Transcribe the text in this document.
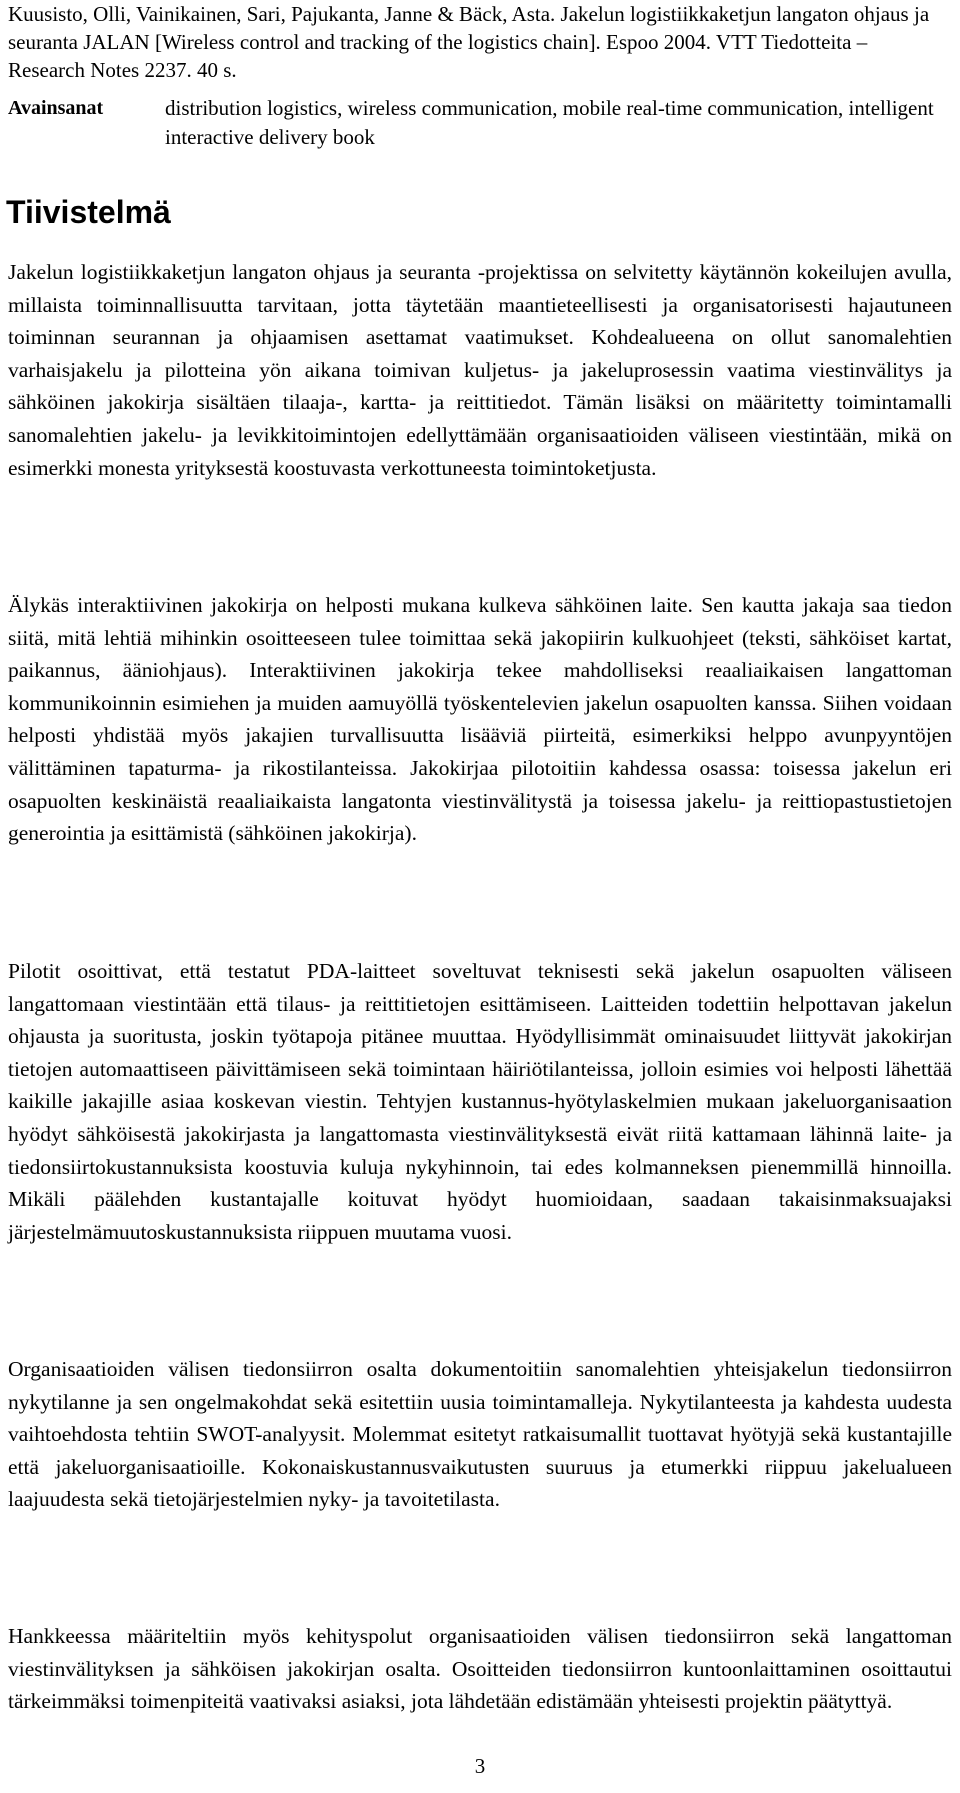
Kuusisto, Olli, Vainikainen, Sari, Pajukanta, Janne & Bäck, Asta. Jakelun logistiikkaketjun langaton ohjaus ja seuranta JALAN [Wireless control and tracking of the logistics chain]. Espoo 2004. VTT Tiedotteita – Research Notes 2237. 40 s.

Avainsanat	distribution logistics, wireless communication, mobile real-time communication, intelligent interactive delivery book

Tiivistelmä

Jakelun logistiikkaketjun langaton ohjaus ja seuranta -projektissa on selvitetty käytännön kokeilujen avulla, millaista toiminnallisuutta tarvitaan, jotta täytetään maantieteellisesti ja organisatorisesti hajautuneen toiminnan seurannan ja ohjaamisen asettamat vaatimukset. Kohdealueena on ollut sanomalehtien varhaisjakelu ja pilotteina yön aikana toimivan kuljetus- ja jakeluprosessin vaatima viestinvälitys ja sähköinen jakokirja sisältäen tilaaja-, kartta- ja reittitiedot. Tämän lisäksi on määritetty toimintamalli sanomalehtien jakelu- ja levikkitoimintojen edellyttämään organisaatioiden väliseen viestintään, mikä on esimerkki monesta yrityksestä koostuvasta verkottuneesta toimintoketjusta.

Älykäs interaktiivinen jakokirja on helposti mukana kulkeva sähköinen laite. Sen kautta jakaja saa tiedon siitä, mitä lehtiä mihinkin osoitteeseen tulee toimittaa sekä jakopiirin kulkuohjeet (teksti, sähköiset kartat, paikannus, ääniohjaus). Interaktiivinen jakokirja tekee mahdolliseksi reaaliaikaisen langattoman kommunikoinnin esimiehen ja muiden aamuyöllä työskentelevien jakelun osapuolten kanssa. Siihen voidaan helposti yhdistää myös jakajien turvallisuutta lisääviä piirteitä, esimerkiksi helppo avunpyyntöjen välittäminen tapaturma- ja rikostilanteissa. Jakokirjaa pilotoitiin kahdessa osassa: toisessa jakelun eri osapuolten keskinäistä reaaliaikaista langatonta viestinvälitystä ja toisessa jakelu- ja reittiopastustietojen generointia ja esittämistä (sähköinen jakokirja).

Pilotit osoittivat, että testatut PDA-laitteet soveltuvat teknisesti sekä jakelun osapuolten väliseen langattomaan viestintään että tilaus- ja reittitietojen esittämiseen. Laitteiden todettiin helpottavan jakelun ohjausta ja suoritusta, joskin työtapoja pitänee muuttaa. Hyödyllisimmät ominaisuudet liittyvät jakokirjan tietojen automaattiseen päivittämiseen sekä toimintaan häiriötilanteissa, jolloin esimies voi helposti lähettää kaikille jakajille asiaa koskevan viestin. Tehtyjen kustannus-hyötylaskelmien mukaan jakeluorganisaation hyödyt sähköisestä jakokirjasta ja langattomasta viestinvälityksestä eivät riitä kattamaan lähinnä laite- ja tiedonsiirtokustannuksista koostuvia kuluja nykyhinnoin, tai edes kolmanneksen pienemmillä hinnoilla. Mikäli päälehden kustantajalle koituvat hyödyt huomioidaan, saadaan takaisinmaksuajaksi järjestelmämuutoskustannuksista riippuen muutama vuosi.

Organisaatioiden välisen tiedonsiirron osalta dokumentoitiin sanomalehtien yhteisjakelun tiedonsiirron nykytilanne ja sen ongelmakohdat sekä esitettiin uusia toimintamalleja. Nykytilanteesta ja kahdesta uudesta vaihtoehdosta tehtiin SWOT-analyysit. Molemmat esitetyt ratkaisumallit tuottavat hyötyjä sekä kustantajille että jakeluorganisaatioille. Kokonaiskustannusvaikutusten suuruus ja etumerkki riippuu jakelualueen laajuudesta sekä tietojärjestelmien nyky- ja tavoitetilasta.

Hankkeessa määriteltiin myös kehityspolut organisaatioiden välisen tiedonsiirron sekä langattoman viestinvälityksen ja sähköisen jakokirjan osalta. Osoitteiden tiedonsiirron kuntoonlaittaminen osoittautui tärkeimmäksi toimenpiteitä vaativaksi asiaksi, jota lähdetään edistämään yhteisesti projektin päätyttyä.

3
